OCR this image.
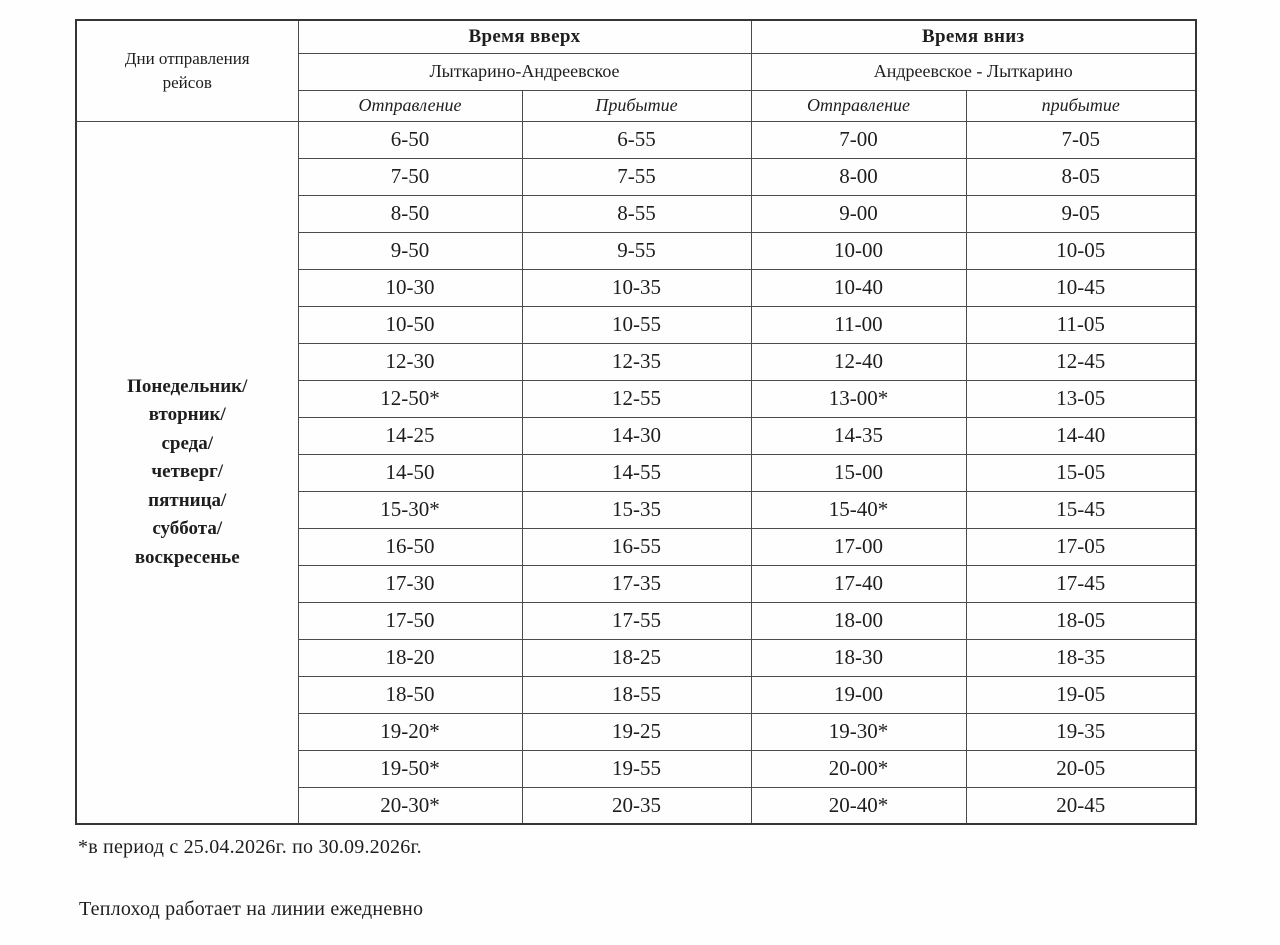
Дни отправления
рейсов	Время вверх		Время вниз	
	Лыткарино-Андреевское		Андреевское - Лыткарино	
	Отправление	Прибытие	Отправление	прибытие

Понедельник/
вторник/
среда/
четверг/
пятница/
суббота/
воскресенье
	6-50	6-55	7-00	7-05
	7-50	7-55	8-00	8-05
	8-50	8-55	9-00	9-05
	9-50	9-55	10-00	10-05
	10-30	10-35	10-40	10-45
	10-50	10-55	11-00	11-05
	12-30	12-35	12-40	12-45
	12-50*	12-55	13-00*	13-05
	14-25	14-30	14-35	14-40
	14-50	14-55	15-00	15-05
	15-30*	15-35	15-40*	15-45
	16-50	16-55	17-00	17-05
	17-30	17-35	17-40	17-45
	17-50	17-55	18-00	18-05
	18-20	18-25	18-30	18-35
	18-50	18-55	19-00	19-05
	19-20*	19-25	19-30*	19-35
	19-50*	19-55	20-00*	20-05
	20-30*	20-35	20-40*	20-45
*в период с 25.04.2026г. по 30.09.2026г.
Теплоход работает на линии ежедневно
